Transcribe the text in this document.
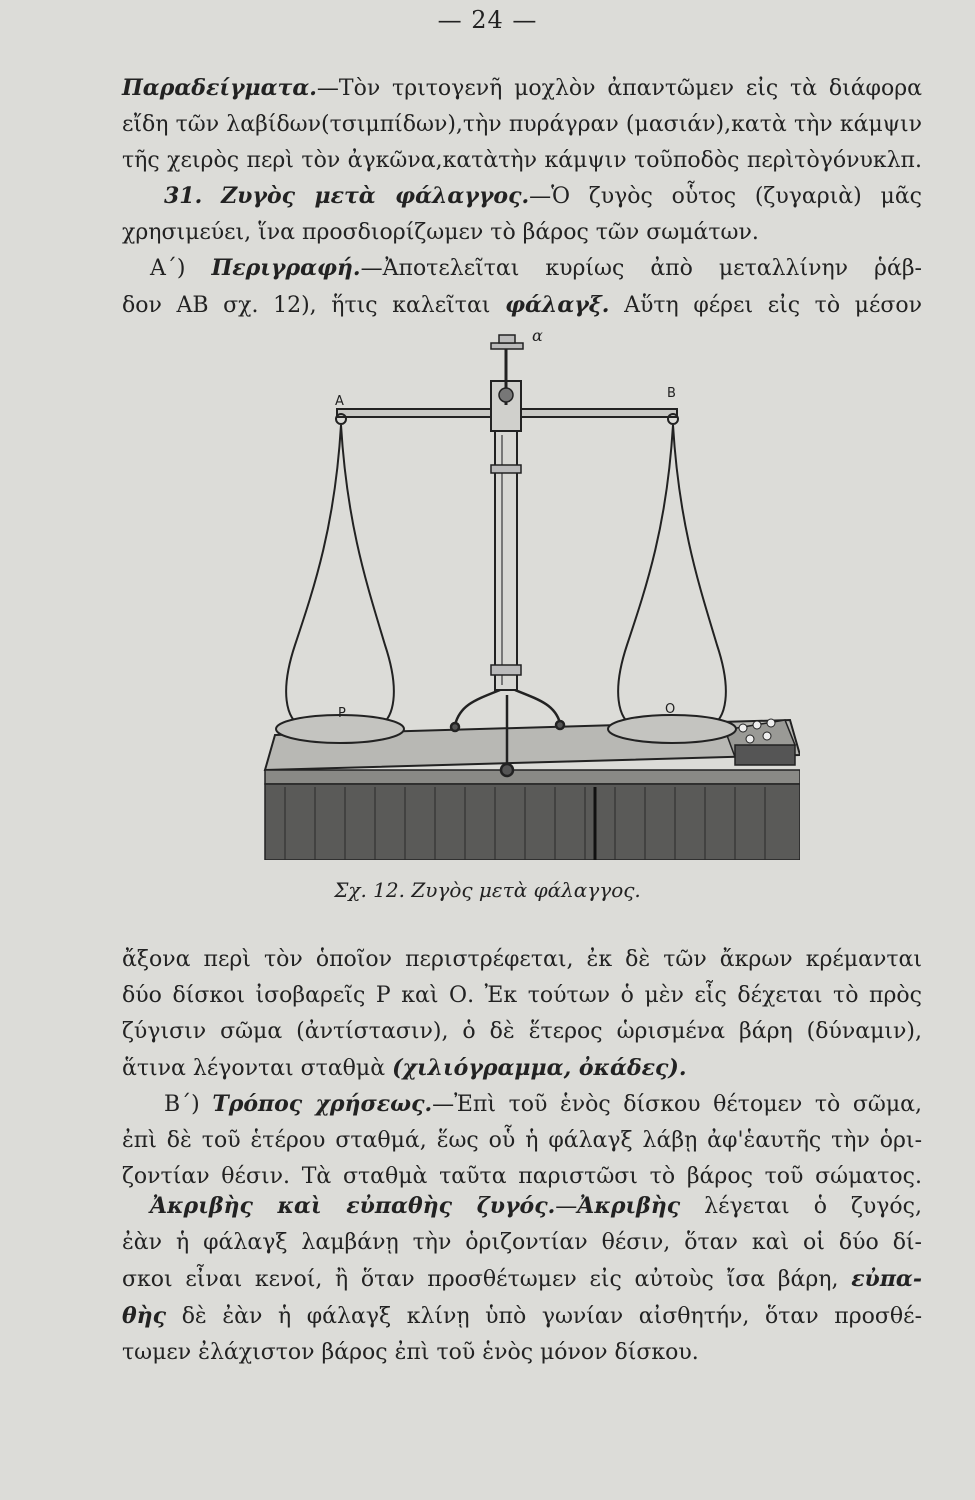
— 24 —
Παραδείγματα.—Τὸν τριτογενῆ μοχλὸν ἀπαντῶμεν εἰς τὰ διάφορα
εἴδη τῶν λαβίδων(τσιμπίδων),τὴν πυράγραν (μασιάν),κατὰ τὴν κάμψιν
τῆς χειρὸς περὶ τὸν ἀγκῶνα,κατὰτὴν κάμψιν τοῦποδὸς περὶτὸγόνυκλπ.
31. Ζυγὸς μετὰ φάλαγγος.—Ὁ ζυγὸς οὗτος (ζυγαριὰ) μᾶς
χρησιμεύει, ἵνα προσδιορίζωμεν τὸ βάρος τῶν σωμάτων.
Α΄) Περιγραφή.—Ἀποτελεῖται κυρίως ἀπὸ μεταλλίνην ῥάβ-
δον ΑΒ σχ. 12), ἥτις καλεῖται φάλαγξ. Αὕτη φέρει εἰς τὸ μέσον
α
A
B
P	O
Σχ. 12. Ζυγὸς μετὰ φάλαγγος.
ἄξονα περὶ τὸν ὁποῖον περιστρέφεται, ἐκ δὲ τῶν ἄκρων κρέμανται
δύο δίσκοι ἰσοβαρεῖς Ρ καὶ Ο. Ἐκ τούτων ὁ μὲν εἷς δέχεται τὸ πρὸς
ζύγισιν σῶμα (ἀντίστασιν), ὁ δὲ ἕτερος ὡρισμένα βάρη (δύναμιν),
ἅτινα λέγονται σταθμὰ (χιλιόγραμμα, ὀκάδες).
Β΄) Τρόπος χρήσεως.—Ἐπὶ τοῦ ἑνὸς δίσκου θέτομεν τὸ σῶμα,
ἐπὶ δὲ τοῦ ἑτέρου σταθμά, ἕως οὗ ἡ φάλαγξ λάβῃ ἀφ'ἑαυτῆς τὴν ὁρι-
ζοντίαν θέσιν. Τὰ σταθμὰ ταῦτα παριστῶσι τὸ βάρος τοῦ σώματος.
Ἀκριβὴς καὶ εὐπαθὴς ζυγός.—Ἀκριβὴς λέγεται ὁ ζυγός,
ἐὰν ἡ φάλαγξ λαμβάνῃ τὴν ὁριζοντίαν θέσιν, ὅταν καὶ οἱ δύο δί-
σκοι εἶναι κενοί, ἢ ὅταν προσθέτωμεν εἰς αὐτοὺς ἴσα βάρη, εὐπα-
θὴς δὲ ἐὰν ἡ φάλαγξ κλίνῃ ὑπὸ γωνίαν αἰσθητήν, ὅταν προσθέ-
τωμεν ἐλάχιστον βάρος ἐπὶ τοῦ ἑνὸς μόνον δίσκου.
